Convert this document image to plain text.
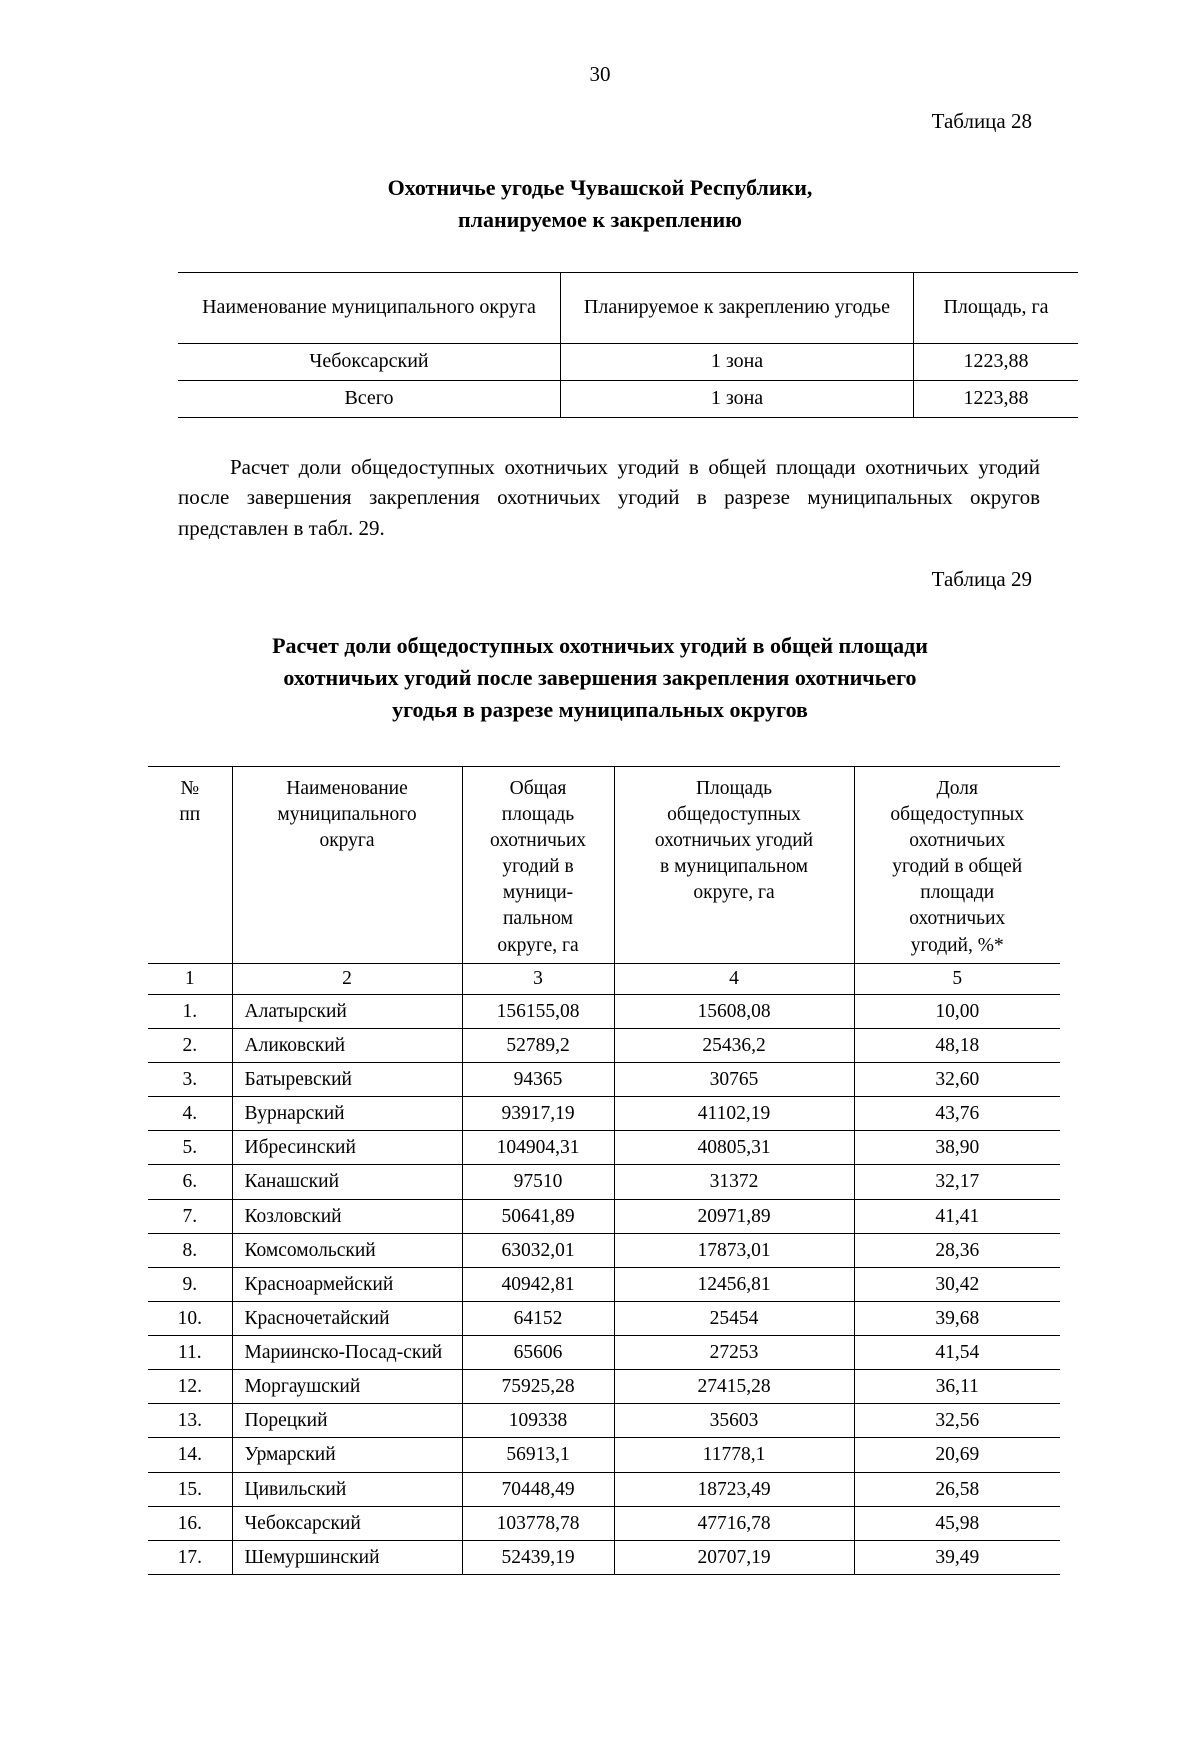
30
Таблица 28
Охотничье угодье Чувашской Республики,
планируемое к закреплению
Наименование муниципального округа	Планируемое к закреплению угодье	Площадь, га
Чебоксарский	1 зона	1223,88
Всего	1 зона	1223,88
Расчет доли общедоступных охотничьих угодий в общей площади охотничьих угодий после завершения закрепления охотничьих угодий в разрезе муниципальных округов представлен в табл. 29.
Таблица 29
Расчет доли общедоступных охотничьих угодий в общей площади
охотничьих угодий после завершения закрепления охотничьего
угодья в разрезе муниципальных округов
№
пп

Наименование
муниципального
округа

Общая
площадь
охотничьих
угодий в
муници-
пальном
округе, га

Площадь
общедоступных
охотничьих угодий
в муниципальном
округе, га

Доля
общедоступных
охотничьих
угодий в общей
площади
охотничьих
угодий, %*

1	2	3	4	5
1.	Алатырский	156155,08	15608,08	10,00
2.	Аликовский	52789,2	25436,2	48,18
3.	Батыревский	94365	30765	32,60
4.	Вурнарский	93917,19	41102,19	43,76
5.	Ибресинский	104904,31	40805,31	38,90
6.	Канашский	97510	31372	32,17
7.	Козловский	50641,89	20971,89	41,41
8.	Комсомольский	63032,01	17873,01	28,36
9.	Красноармейский	40942,81	12456,81	30,42
10.	Красночетайский	64152	25454	39,68
11.	Мариинско-Посад-ский	65606	27253	41,54
12.	Моргаушский	75925,28	27415,28	36,11
13.	Порецкий	109338	35603	32,56
14.	Урмарский	56913,1	11778,1	20,69
15.	Цивильский	70448,49	18723,49	26,58
16.	Чебоксарский	103778,78	47716,78	45,98
17.	Шемуршинский	52439,19	20707,19	39,49
